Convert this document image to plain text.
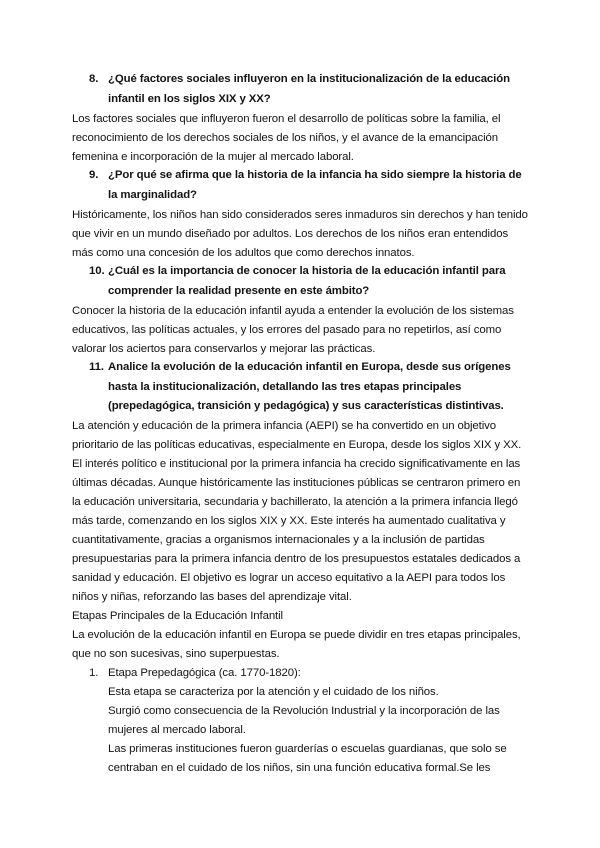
8. ¿Qué factores sociales influyeron en la institucionalización de la educación
infantil en los siglos XIX y XX?
Los factores sociales que influyeron fueron el desarrollo de políticas sobre la familia, el
reconocimiento de los derechos sociales de los niños, y el avance de la emancipación
femenina e incorporación de la mujer al mercado laboral.
9. ¿Por qué se afirma que la historia de la infancia ha sido siempre la historia de
la marginalidad?
Históricamente, los niños han sido considerados seres inmaduros sin derechos y han tenido
que vivir en un mundo diseñado por adultos. Los derechos de los niños eran entendidos
más como una concesión de los adultos que como derechos innatos.
10. ¿Cuál es la importancia de conocer la historia de la educación infantil para
comprender la realidad presente en este ámbito?
Conocer la historia de la educación infantil ayuda a entender la evolución de los sistemas
educativos, las políticas actuales, y los errores del pasado para no repetirlos, así como
valorar los aciertos para conservarlos y mejorar las prácticas.
11. Analice la evolución de la educación infantil en Europa, desde sus orígenes
hasta la institucionalización, detallando las tres etapas principales
(prepedagógica, transición y pedagógica) y sus características distintivas.
La atención y educación de la primera infancia (AEPI) se ha convertido en un objetivo
prioritario de las políticas educativas, especialmente en Europa, desde los siglos XIX y XX.
El interés político e institucional por la primera infancia ha crecido significativamente en las
últimas décadas. Aunque históricamente las instituciones públicas se centraron primero en
la educación universitaria, secundaria y bachillerato, la atención a la primera infancia llegó
más tarde, comenzando en los siglos XIX y XX. Este interés ha aumentado cualitativa y
cuantitativamente, gracias a organismos internacionales y a la inclusión de partidas
presupuestarias para la primera infancia dentro de los presupuestos estatales dedicados a
sanidad y educación. El objetivo es lograr un acceso equitativo a la AEPI para todos los
niños y niñas, reforzando las bases del aprendizaje vital.
Etapas Principales de la Educación Infantil
La evolución de la educación infantil en Europa se puede dividir en tres etapas principales,
que no son sucesivas, sino superpuestas.
1. Etapa Prepedagógica (ca. 1770-1820):
Esta etapa se caracteriza por la atención y el cuidado de los niños.
Surgió como consecuencia de la Revolución Industrial y la incorporación de las
mujeres al mercado laboral.
Las primeras instituciones fueron guarderías o escuelas guardianas, que solo se
centraban en el cuidado de los niños, sin una función educativa formal.Se les
